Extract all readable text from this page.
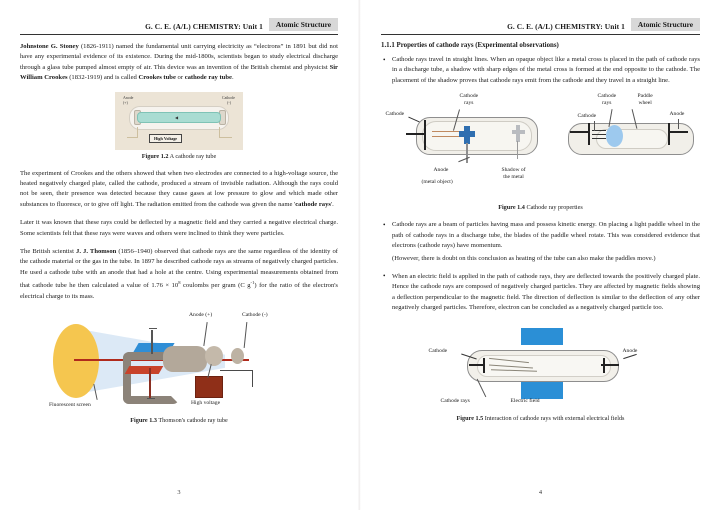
G. C. E. (A/L) CHEMISTRY: Unit 1	Atomic Structure

Johnstone G. Stoney (1826-1911) named the fundamental unit carrying electricity as “electrons” in 1891 but did not have any experimental evidence of its existence. During the mid-1800s, scientists began to study electrical discharge through a glass tube pumped almost empty of air. This device was an invention of the British chemist and physicist Sir William Crookes (1832-1919) and is called Crookes tube or cathode ray tube.

Anode
(+)
Cathode
(-)
◀
High Voltage
Figure 1.2 A cathode ray tube

The experiment of Crookes and the others showed that when two electrodes are connected to a high-voltage source, the heated negatively charged plate, called the cathode, produced a stream of invisible radiation. Although the rays could not be seen, their presence was detected because they cause gases at low pressure to glow and which made other substances to fluoresce, or to give off light. The radiation emitted from the cathode was given the name 'cathode rays'.

Later it was known that these rays could be deflected by a magnetic field and they carried a negative electrical charge. Some scientists felt that these rays were waves and others were inclined to think they were particles.

The British scientist J. J. Thomson (1856–1940) observed that cathode rays are the same regardless of the identity of the cathode material or the gas in the tube. In 1897 he described cathode rays as streams of negatively charged particles. He used a cathode tube with an anode that had a hole at the centre. Using experimental measurements obtained from that cathode tube he then calculated a value of $1.76 \times 10^8$ coulombs per gram (C $g^{-1}$) for the ratio of the electron's electrical charge to its mass.

Anode (+)	Cathode (-)
Fluorescent screen	High voltage
Figure 1.3 Thomson's cathode ray tube
3
G. C. E. (A/L) CHEMISTRY: Unit 1	Atomic Structure
1.1.1 Properties of cathode rays (Experimental observations)
• Cathode rays travel in straight lines. When an opaque object like a metal cross is placed in the path of cathode rays in a discharge tube, a shadow with sharp edges of the metal cross is formed at the end opposite to the cathode. The placement of the shadow proves that cathode rays emit from the cathode and they travel in a straight line.
Cathode
Cathode
rays
Anode
(metal object)
Shadow of
the metal
Cathode
Cathode
rays
Paddle
wheel
Anode
Figure 1.4 Cathode ray properties
• Cathode rays are a beam of particles having mass and possess kinetic energy. On placing a light paddle wheel in the path of cathode rays in a discharge tube, the blades of the paddle wheel rotate. This was considered evidence that electrons (cathode rays) have momentum.
(However, there is doubt on this conclusion as heating of the tube can also make the paddles move.)
• When an electric field is applied in the path of cathode rays, they are deflected towards the positively charged plate. Hence the cathode rays are composed of negatively charged particles. They are affected by magnetic fields showing a deflection perpendicular to the magnetic field. The direction of deflection is similar to the deflection of any other negatively charged particles. Therefore, electron can be concluded as a negatively charged particle too.
Cathode	Anode
Cathode rays	Electric field
Figure 1.5 Interaction of cathode rays with external electrical fields
4
